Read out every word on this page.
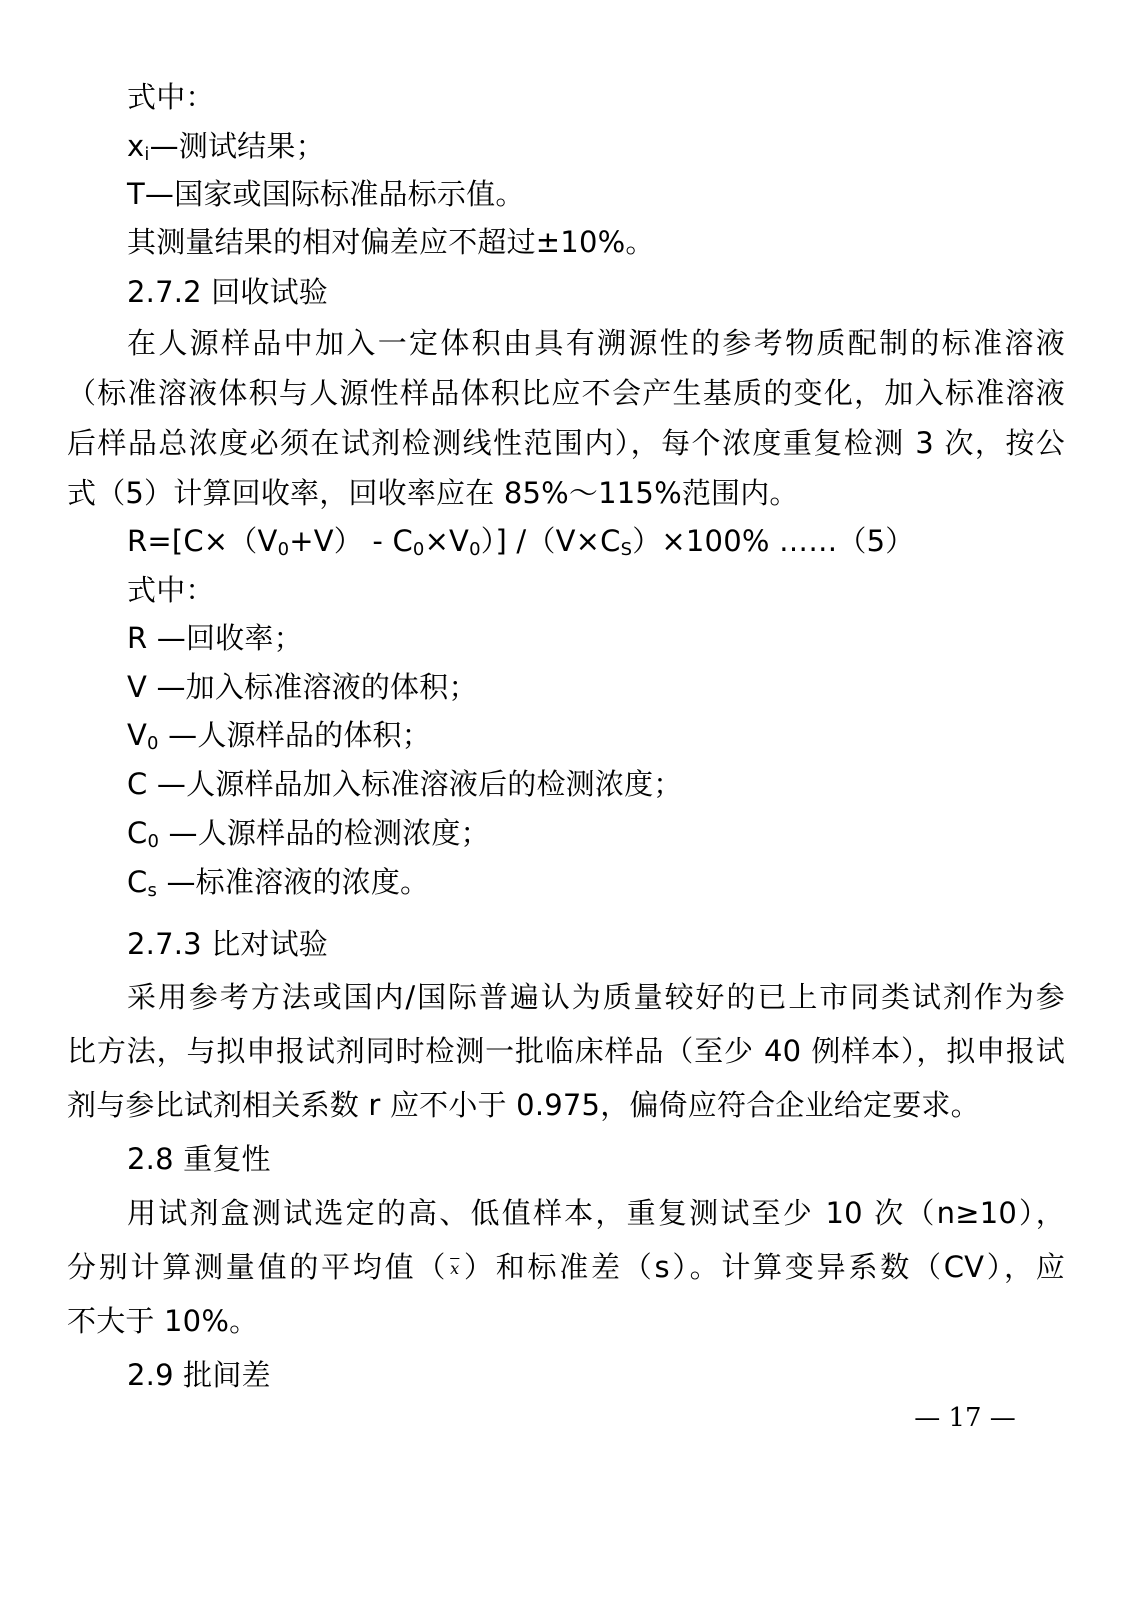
式中：
$x_i—$测试结果；
T—国家或国际标准品标示值。
其测量结果的相对偏差应不超过±10%。
2.7.2 回收试验
在人源样品中加入一定体积由具有溯源性的参考物质配制的标准溶液
（标准溶液体积与人源性样品体积比应不会产生基质的变化，加入标准溶液
后样品总浓度必须在试剂检测线性范围内），每个浓度重复检测 3 次，按公
式（5）计算回收率，回收率应在 85%～115%范围内。
$R=[C\times(V_0+V) - C_0\times V_0)$] $/(V\times C_S)\times 100\%$ ……（5）
式中：
R —回收率；
V —加入标准溶液的体积；
$V_0$ —人源样品的体积；
C —人源样品加入标准溶液后的检测浓度；
$C_0$ —人源样品的检测浓度；
$C_s$ —标准溶液的浓度。
2.7.3 比对试验
采用参考方法或国内/国际普遍认为质量较好的已上市同类试剂作为参
比方法，与拟申报试剂同时检测一批临床样品（至少 40 例样本），拟申报试
剂与参比试剂相关系数 r 应不小于 0.975，偏倚应符合企业给定要求。
2.8 重复性
用试剂盒测试选定的高、低值样本，重复测试至少 10 次（n≥10），
分别计算测量值的平均值（ $\overline{x}$）和标准差（s）。计算变异系数（CV），应
不大于 10%。
2.9 批间差
— 17 —
